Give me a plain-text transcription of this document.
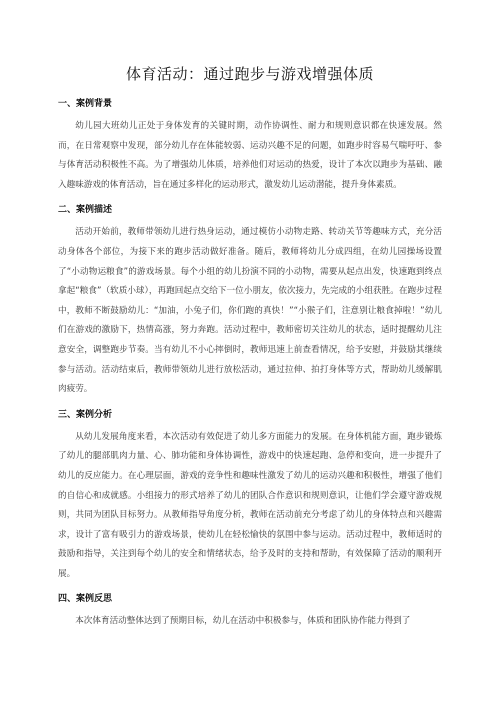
体育活动：通过跑步与游戏增强体质
一、案例背景

幼儿园大班幼儿正处于身体发育的关键时期，动作协调性、耐力和规则意识都在快速发展。然而，在日常观察中发现，部分幼儿存在体能较弱、运动兴趣不足的问题，如跑步时容易气喘吁吁、参与体育活动积极性不高。为了增强幼儿体质，培养他们对运动的热爱，设计了本次以跑步为基础、融入趣味游戏的体育活动，旨在通过多样化的运动形式，激发幼儿运动潜能，提升身体素质。

二、案例描述

活动开始前，教师带领幼儿进行热身运动，通过模仿小动物走路、转动关节等趣味方式，充分活动身体各个部位，为接下来的跑步活动做好准备。随后，教师将幼儿分成四组，在幼儿园操场设置了“小动物运粮食”的游戏场景。每个小组的幼儿扮演不同的小动物，需要从起点出发，快速跑到终点拿起“粮食”（软质小球），再跑回起点交给下一位小朋友，依次接力，先完成的小组获胜。在跑步过程中，教师不断鼓励幼儿：“加油，小兔子们，你们跑的真快！”“小猴子们，注意别让粮食掉啦！”幼儿们在游戏的激励下，热情高涨，努力奔跑。活动过程中，教师密切关注幼儿的状态，适时提醒幼儿注意安全，调整跑步节奏。当有幼儿不小心摔倒时，教师迅速上前查看情况，给予安慰，并鼓励其继续参与活动。活动结束后，教师带领幼儿进行放松活动，通过拉伸、拍打身体等方式，帮助幼儿缓解肌肉疲劳。

三、案例分析

从幼儿发展角度来看，本次活动有效促进了幼儿多方面能力的发展。在身体机能方面，跑步锻炼了幼儿的腿部肌肉力量、心、肺功能和身体协调性，游戏中的快速起跑、急停和变向，进一步提升了幼儿的反应能力。在心理层面，游戏的竞争性和趣味性激发了幼儿的运动兴趣和积极性，增强了他们的自信心和成就感。小组接力的形式培养了幼儿的团队合作意识和规则意识，让他们学会遵守游戏规则，共同为团队目标努力。从教师指导角度分析，教师在活动前充分考虑了幼儿的身体特点和兴趣需求，设计了富有吸引力的游戏场景，使幼儿在轻松愉快的氛围中参与运动。活动过程中，教师适时的鼓励和指导，关注到每个幼儿的安全和情绪状态，给予及时的支持和帮助，有效保障了活动的顺利开展。

四、案例反思

本次体育活动整体达到了预期目标，幼儿在活动中积极参与，体质和团队协作能力得到了
